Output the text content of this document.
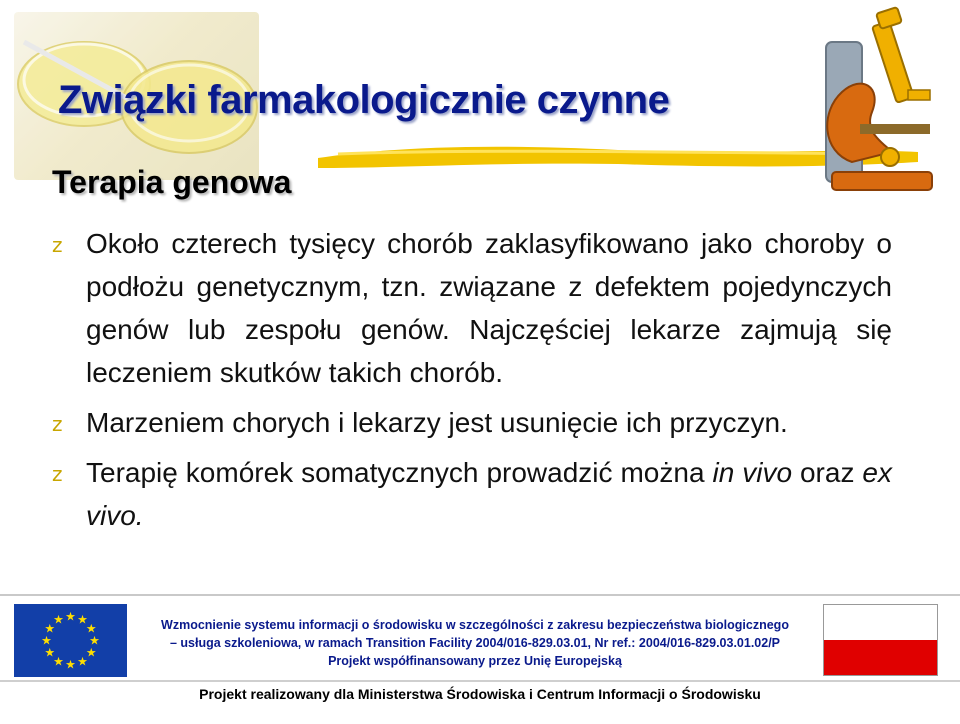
Związki farmakologicznie czynne
Terapia genowa
z Około czterech tysięcy chorób zaklasyfikowano jako choroby o podłożu genetycznym, tzn. związane z defektem pojedynczych genów lub zespołu genów. Najczęściej lekarze zajmują się leczeniem skutków takich chorób.
z Marzeniem chorych i lekarzy jest usunięcie ich przyczyn.
z Terapię komórek somatycznych prowadzić można in vivo oraz ex vivo.
★ ★
★
★
★
★
★
★
★
★
★
★	Wzmocnienie systemu informacji o środowisku w szczególności z zakresu bezpieczeństwa biologicznego
– usługa szkoleniowa, w ramach Transition Facility 2004/016-829.03.01, Nr ref.: 2004/016-829.03.01.02/P
Projekt współfinansowany przez Unię Europejską
Projekt realizowany dla Ministerstwa Środowiska i Centrum Informacji o Środowisku
